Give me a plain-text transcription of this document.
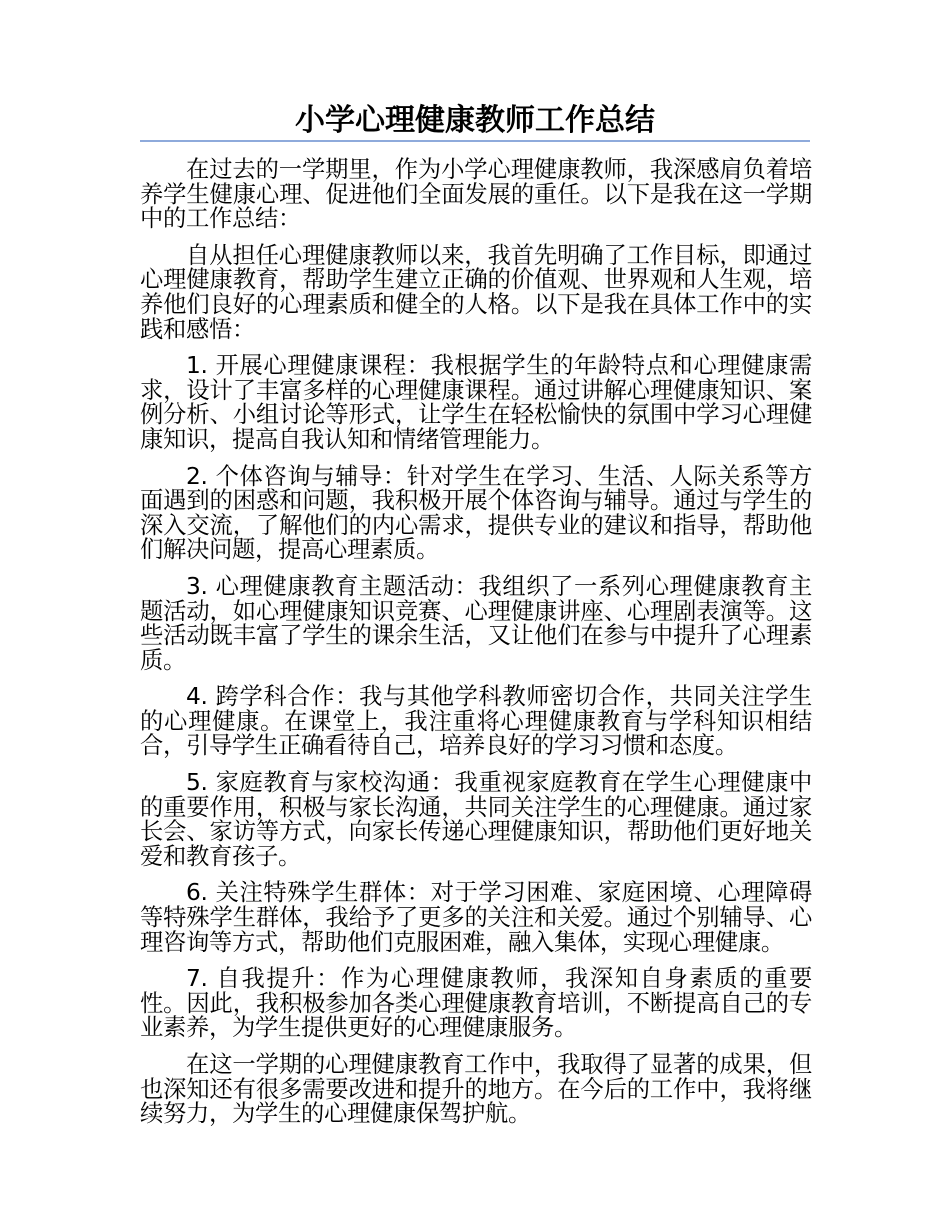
小学心理健康教师工作总结

在过去的一学期里，作为小学心理健康教师，我深感肩负着培养学生健康心理、促进他们全面发展的重任。以下是我在这一学期中的工作总结：

自从担任心理健康教师以来，我首先明确了工作目标，即通过心理健康教育，帮助学生建立正确的价值观、世界观和人生观，培养他们良好的心理素质和健全的人格。以下是我在具体工作中的实践和感悟：

1. 开展心理健康课程：我根据学生的年龄特点和心理健康需求，设计了丰富多样的心理健康课程。通过讲解心理健康知识、案例分析、小组讨论等形式，让学生在轻松愉快的氛围中学习心理健康知识，提高自我认知和情绪管理能力。

2. 个体咨询与辅导：针对学生在学习、生活、人际关系等方面遇到的困惑和问题，我积极开展个体咨询与辅导。通过与学生的深入交流，了解他们的内心需求，提供专业的建议和指导，帮助他们解决问题，提高心理素质。

3. 心理健康教育主题活动：我组织了一系列心理健康教育主题活动，如心理健康知识竞赛、心理健康讲座、心理剧表演等。这些活动既丰富了学生的课余生活，又让他们在参与中提升了心理素质。

4. 跨学科合作：我与其他学科教师密切合作，共同关注学生的心理健康。在课堂上，我注重将心理健康教育与学科知识相结合，引导学生正确看待自己，培养良好的学习习惯和态度。

5. 家庭教育与家校沟通：我重视家庭教育在学生心理健康中的重要作用，积极与家长沟通，共同关注学生的心理健康。通过家长会、家访等方式，向家长传递心理健康知识，帮助他们更好地关爱和教育孩子。

6. 关注特殊学生群体：对于学习困难、家庭困境、心理障碍等特殊学生群体，我给予了更多的关注和关爱。通过个别辅导、心理咨询等方式，帮助他们克服困难，融入集体，实现心理健康。

7. 自我提升：作为心理健康教师，我深知自身素质的重要性。因此，我积极参加各类心理健康教育培训，不断提高自己的专业素养，为学生提供更好的心理健康服务。

在这一学期的心理健康教育工作中，我取得了显著的成果，但也深知还有很多需要改进和提升的地方。在今后的工作中，我将继续努力，为学生的心理健康保驾护航。
